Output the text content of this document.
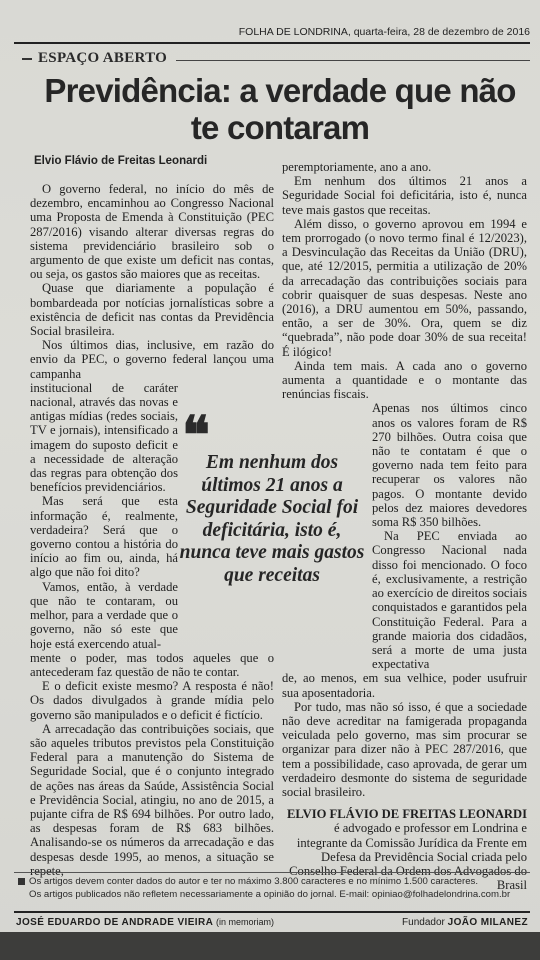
FOLHA DE LONDRINA, quarta-feira, 28 de dezembro de 2016
ESPAÇO ABERTO
Previdência: a verdade que não te contaram
Elvio Flávio de Freitas Leonardi

O governo federal, no início do mês de dezembro, encaminhou ao Congresso Nacional uma Proposta de Emenda à Constituição (PEC 287/2016) visando alterar diversas regras do sistema previdenciário brasileiro sob o argumento de que existe um deficit nas contas, ou seja, os gastos são maiores que as receitas.

Quase que diariamente a população é bombardeada por notícias jornalísticas sobre a existência de deficit nas contas da Previdência Social brasileira.

Nos últimos dias, inclusive, em razão do envio da PEC, o governo federal lançou uma campanha

institucional de caráter nacional, através das novas e antigas mídias (redes sociais, TV e jornais), intensificado a imagem do suposto deficit e a necessidade de alteração das regras para obtenção dos benefícios previdenciários.

Mas será que esta informação é, realmente, verdadeira? Será que o governo contou a história do início ao fim ou, ainda, há algo que não foi dito?

Vamos, então, à verdade que não te contaram, ou melhor, para a verdade que o governo, não só este que hoje está exercendo atual-

mente o poder, mas todos aqueles que o antecederam faz questão de não te contar.

E o deficit existe mesmo? A resposta é não! Os dados divulgados à grande mídia pelo governo são manipulados e o deficit é fictício.

A arrecadação das contribuições sociais, que são aqueles tributos previstos pela Constituição Federal para a manutenção do Sistema de Seguridade Social, que é o conjunto integrado de ações nas áreas da Saúde, Assistência Social e Previdência Social, atingiu, no ano de 2015, a pujante cifra de R$ 694 bilhões. Por outro lado, as despesas foram de R$ 683 bilhões. Analisando-se os números da arrecadação e das despesas desde 1995, ao menos, a situação se repete,

❝
Em nenhum dos últimos 21 anos a Seguridade Social foi deficitária, isto é, nunca teve mais gastos que receitas

peremptoriamente, ano a ano.

Em nenhum dos últimos 21 anos a Seguridade Social foi deficitária, isto é, nunca teve mais gastos que receitas.

Além disso, o governo aprovou em 1994 e tem prorrogado (o novo termo final é 12/2023), a Desvinculação das Receitas da União (DRU), que, até 12/2015, permitia a utilização de 20% da arrecadação das contribuições sociais para cobrir quaisquer de suas despesas. Neste ano (2016), a DRU aumentou em 50%, passando, então, a ser de 30%. Ora, quem se diz “quebrada”, não pode doar 30% de sua receita! É ilógico!

Ainda tem mais. A cada ano o governo aumenta a quantidade e o montante das renúncias fiscais.

Apenas nos últimos cinco anos os valores foram de R$ 270 bilhões. Outra coisa que não te contatam é que o governo nada tem feito para recuperar os valores não pagos. O montante devido pelos dez maiores devedores soma R$ 350 bilhões.

Na PEC enviada ao Congresso Nacional nada disso foi mencionado. O foco é, exclusivamente, a restrição ao exercício de direitos sociais conquistados e garantidos pela Constituição Federal. Para a grande maioria dos cidadãos, será a morte de uma justa expectativa

de, ao menos, em sua velhice, poder usufruir sua aposentadoria.

Por tudo, mas não só isso, é que a sociedade não deve acreditar na famigerada propaganda veiculada pelo governo, mas sim procurar se organizar para dizer não à PEC 287/2016, que tem a possibilidade, caso aprovada, de gerar um verdadeiro desmonte do sistema de seguridade social brasileiro.

ELVIO FLÁVIO DE FREITAS LEONARDI é advogado e professor em Londrina e integrante da Comissão Jurídica da Frente em Defesa da Previdência Social criada pelo Conselho Federal da Ordem dos Advogados do Brasil

Os artigos devem conter dados do autor e ter no máximo 3.800 caracteres e no mínimo 1.500 caracteres.
Os artigos publicados não refletem necessariamente a opinião do jornal. E-mail: opiniao@folhadelondrina.com.br
JOSÉ EDUARDO DE ANDRADE VIEIRA (in memoriam)	Fundador JOÃO MILANEZ
